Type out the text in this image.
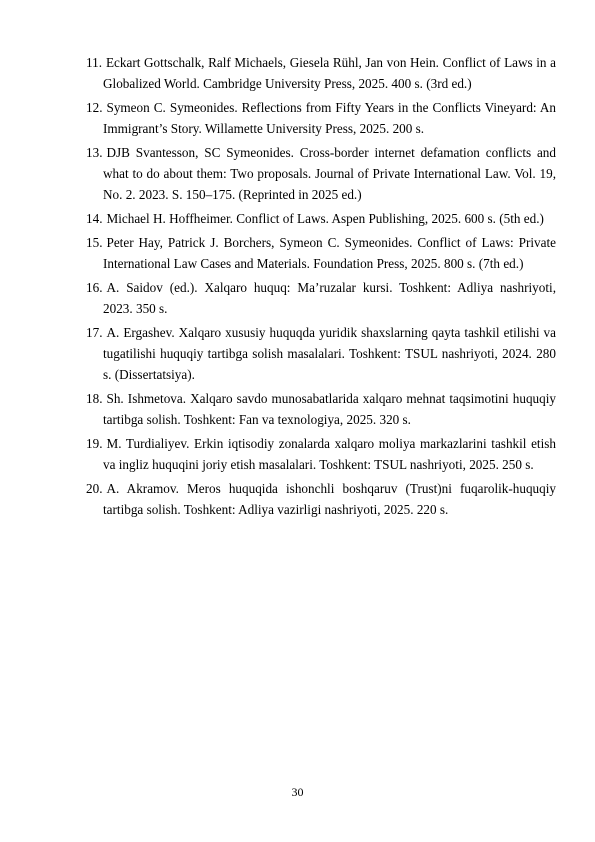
11. Eckart Gottschalk, Ralf Michaels, Giesela Rühl, Jan von Hein. Conflict of Laws in a Globalized World. Cambridge University Press, 2025. 400 s. (3rd ed.)
12. Symeon C. Symeonides. Reflections from Fifty Years in the Conflicts Vineyard: An Immigrant’s Story. Willamette University Press, 2025. 200 s.
13. DJB Svantesson, SC Symeonides. Cross-border internet defamation conflicts and what to do about them: Two proposals. Journal of Private International Law. Vol. 19, No. 2. 2023. S. 150–175. (Reprinted in 2025 ed.)
14. Michael H. Hoffheimer. Conflict of Laws. Aspen Publishing, 2025. 600 s. (5th ed.)
15. Peter Hay, Patrick J. Borchers, Symeon C. Symeonides. Conflict of Laws: Private International Law Cases and Materials. Foundation Press, 2025. 800 s. (7th ed.)
16. A. Saidov (ed.). Xalqaro huquq: Ma’ruzalar kursi. Toshkent: Adliya nashriyoti, 2023. 350 s.
17. A. Ergashev. Xalqaro xususiy huquqda yuridik shaxslarning qayta tashkil etilishi va tugatilishi huquqiy tartibga solish masalalari. Toshkent: TSUL nashriyoti, 2024. 280 s. (Dissertatsiya).
18. Sh. Ishmetova. Xalqaro savdo munosabatlarida xalqaro mehnat taqsimotini huquqiy tartibga solish. Toshkent: Fan va texnologiya, 2025. 320 s.
19. M. Turdialiyev. Erkin iqtisodiy zonalarda xalqaro moliya markazlarini tashkil etish va ingliz huquqini joriy etish masalalari. Toshkent: TSUL nashriyoti, 2025. 250 s.
20. A. Akramov. Meros huquqida ishonchli boshqaruv (Trust)ni fuqarolik-huquqiy tartibga solish. Toshkent: Adliya vazirligi nashriyoti, 2025. 220 s.
30
